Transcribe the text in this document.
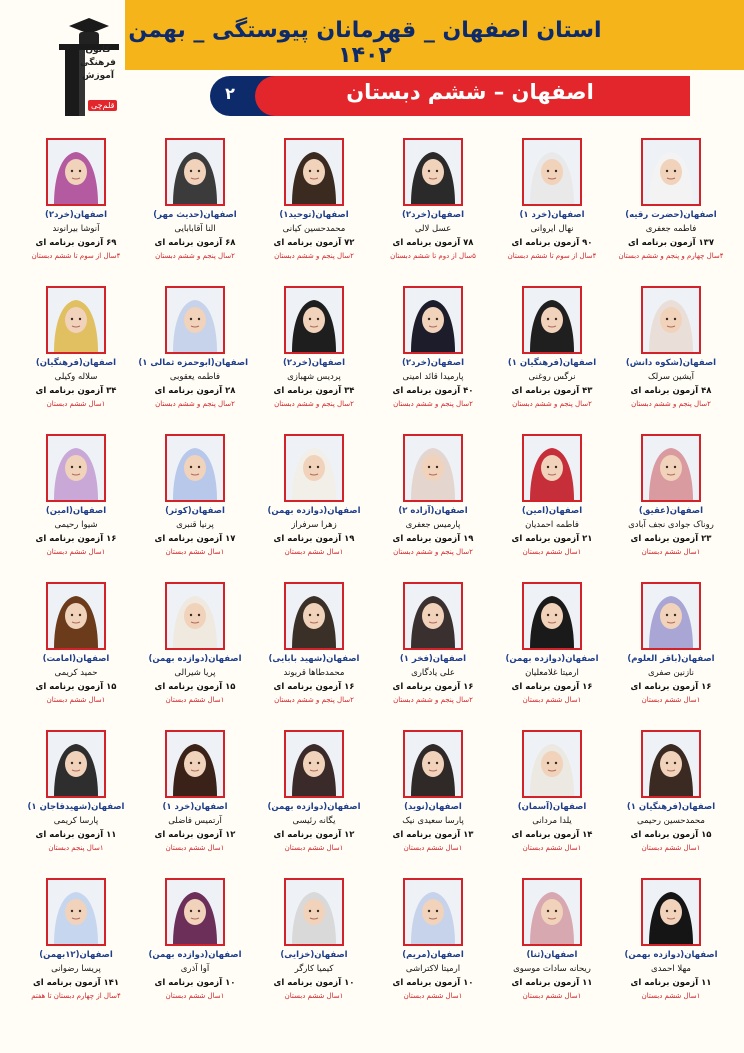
استان اصفهان _ قهرمانان پیوستگی _ بهمن ۱۴۰۲
۲	اصفهان – ششم دبستان
کانون فرهنگی آموزش
قلم‌چی
اصفهان(حضرت رقیه)
فاطمه جعفری
۱۳۷ آزمون برنامه ای
۴سال چهارم و پنجم و ششم دبستان
اصفهان(خرد ۱)
نهال ایروانی
۹۰ آزمون برنامه ای
۴سال از سوم تا ششم دبستان
اصفهان(خرد۲)
عسل لالی
۷۸ آزمون برنامه ای
۵سال از دوم تا ششم دبستان
اصفهان(توحید۱)
محمدحسین کیانی
۷۲ آزمون برنامه ای
۲سال پنجم و ششم دبستان
اصفهان(حدیث مهر)
النا آقابابایی
۶۸ آزمون برنامه ای
۲سال پنجم و ششم دبستان
اصفهان(خرد۲)
آنوشا بیرانوند
۶۹ آزمون برنامه ای
۴سال از سوم تا ششم دبستان
اصفهان(شکوه دانش)
آیشین سرلک
۴۸ آزمون برنامه ای
۲سال پنجم و ششم دبستان
اصفهان(فرهنگیان ۱)
نرگس روغنی
۴۳ آزمون برنامه ای
۲سال پنجم و ششم دبستان
اصفهان(خرد۲)
پارمیدا قائد امینی
۴۰ آزمون برنامه ای
۲سال پنجم و ششم دبستان
اصفهان(خرد۲)
پردیس شهبازی
۳۴ آزمون برنامه ای
۲سال پنجم و ششم دبستان
اصفهان(ابوحمزه ثمالی ۱)
فاطمه یعقوبی
۲۸ آزمون برنامه ای
۲سال پنجم و ششم دبستان
اصفهان(فرهنگیان)
سلاله وکیلی
۳۴ آزمون برنامه ای
۱سال ششم دبستان
اصفهان(عقیق)
روناک جوادی نجف آبادی
۲۳ آزمون برنامه ای
۱سال ششم دبستان
اصفهان(امین)
فاطمه احمدیان
۲۱ آزمون برنامه ای
۱سال ششم دبستان
اصفهان(آزاده ۲)
پارمیس جعفری
۱۹ آزمون برنامه ای
۲سال پنجم و ششم دبستان
اصفهان(دوازده بهمن)
زهرا سرفراز
۱۹ آزمون برنامه ای
۱سال ششم دبستان
اصفهان(کوثر)
پرنیا قنبری
۱۷ آزمون برنامه ای
۱سال ششم دبستان
اصفهان(امین)
شیوا رحیمی
۱۶ آزمون برنامه ای
۱سال ششم دبستان
اصفهان(باقر العلوم)
نازنین صفری
۱۶ آزمون برنامه ای
۱سال ششم دبستان
اصفهان(دوازده بهمن)
ارمیتا غلامعلیان
۱۶ آزمون برنامه ای
۱سال ششم دبستان
اصفهان(فخر ۱)
علی یادگاری
۱۶ آزمون برنامه ای
۲سال پنجم و ششم دبستان
اصفهان(شهید بابایی)
محمدطاها قربوند
۱۶ آزمون برنامه ای
۲سال پنجم و ششم دبستان
اصفهان(دوازده بهمن)
پریا شیرالی
۱۵ آزمون برنامه ای
۱سال ششم دبستان
اصفهان(امامت)
حمید کریمی
۱۵ آزمون برنامه ای
۱سال ششم دبستان
اصفهان(فرهنگیان ۱)
محمدحسین رحیمی
۱۵ آزمون برنامه ای
۱سال ششم دبستان
اصفهان(آسمان)
یلدا مردانی
۱۴ آزمون برنامه ای
۱سال ششم دبستان
اصفهان(نوید)
پارسا سعیدی نیک
۱۳ آزمون برنامه ای
۱سال ششم دبستان
اصفهان(دوازده بهمن)
یگانه رئیسی
۱۲ آزمون برنامه ای
۱سال ششم دبستان
اصفهان(خرد ۱)
آرتمیس فاضلی
۱۲ آزمون برنامه ای
۱سال ششم دبستان
اصفهان(شهیدقاجان ۱)
پارسا کریمی
۱۱ آزمون برنامه ای
۱سال پنجم دبستان
اصفهان(دوازده بهمن)
مهلا احمدی
۱۱ آزمون برنامه ای
۱سال ششم دبستان
اصفهان(ثنا)
ریحانه سادات موسوی
۱۱ آزمون برنامه ای
۱سال ششم دبستان
اصفهان(مریم)
ارمیتا لاکتراشی
۱۰ آزمون برنامه ای
۱سال ششم دبستان
اصفهان(خزایی)
کیمیا کارگر
۱۰ آزمون برنامه ای
۱سال ششم دبستان
اصفهان(دوازده بهمن)
آوا آذری
۱۰ آزمون برنامه ای
۱سال ششم دبستان
اصفهان(۱۲بهمن)
پریسا رضوانی
۱۴۱ آزمون برنامه ای
۴سال از چهارم دبستان تا هفتم
